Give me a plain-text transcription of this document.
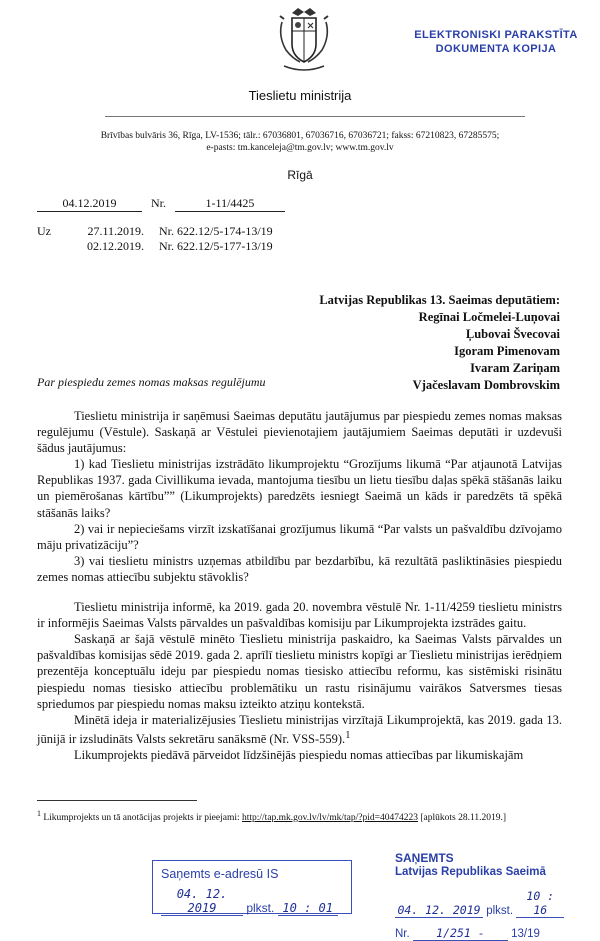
Tieslietu ministrija
Brīvības bulvāris 36, Rīga, LV-1536; tālr.: 67036801, 67036716, 67036721; fakss: 67210823, 67285575;
e-pasts: tm.kanceleja@tm.gov.lv; www.tm.gov.lv
ELEKTRONISKI PARAKSTĪTA
DOKUMENTA KOPIJA
Rīgā
04.12.2019	Nr.	1-11/4425
Uz	27.11.2019. Nr. 622.12/5-174-13/19
02.12.2019. Nr. 622.12/5-177-13/19
Latvijas Republikas 13. Saeimas deputātiem:
Regīnai Ločmelei-Luņovai
Ļubovai Švecovai
Igoram Pimenovam
Ivaram Zariņam
Vjačeslavam Dombrovskim
Par piespiedu zemes nomas maksas regulējumu

Tieslietu ministrija ir saņēmusi Saeimas deputātu jautājumus par piespiedu zemes nomas maksas regulējumu (Vēstule). Saskaņā ar Vēstulei pievienotajiem jautājumiem Saeimas deputāti ir uzdevuši šādus jautājumus:

1) kad Tieslietu ministrijas izstrādāto likumprojektu “Grozījums likumā “Par atjaunotā Latvijas Republikas 1937. gada Civillikuma ievada, mantojuma tiesību un lietu tiesību daļas spēkā stāšanās laiku un piemērošanas kārtību”” (Likumprojekts) paredzēts iesniegt Saeimā un kāds ir paredzēts tā spēkā stāšanās laiks?

2) vai ir nepieciešams virzīt izskatīšanai grozījumus likumā “Par valsts un pašvaldību dzīvojamo māju privatizāciju”?

3) vai tieslietu ministrs uzņemas atbildību par bezdarbību, kā rezultātā pasliktināsies piespiedu zemes nomas attiecību subjektu stāvoklis?

Tieslietu ministrija informē, ka 2019. gada 20. novembra vēstulē Nr. 1-11/4259 tieslietu ministrs ir informējis Saeimas Valsts pārvaldes un pašvaldības komisiju par Likumprojekta izstrādes gaitu.

Saskaņā ar šajā vēstulē minēto Tieslietu ministrija paskaidro, ka Saeimas Valsts pārvaldes un pašvaldības komisijas sēdē 2019. gada 2. aprīlī tieslietu ministrs kopīgi ar Tieslietu ministrijas ierēdņiem prezentēja konceptuālu ideju par piespiedu nomas tiesisko attiecību reformu, kas sistēmiski risinātu piespiedu nomas tiesisko attiecību problemātiku un rastu risinājumu vairākos Satversmes tiesas spriedumos par piespiedu nomas maksu izteikto atziņu kontekstā.

Minētā ideja ir materializējusies Tieslietu ministrijas virzītajā Likumprojektā, kas 2019. gada 13. jūnijā ir izsludināts Valsts sekretāru sanāksmē (Nr. VSS-559).$^1$

Likumprojekts piedāvā pārveidot līdzšinējās piespiedu nomas attiecības par likumiskajām

$^1$ Likumprojekts un tā anotācijas projekts ir pieejami: http://tap.mk.gov.lv/lv/mk/tap/?pid=40474223 [aplūkots 28.11.2019.]
Saņemts e-adresū IS
04. 12. 2019 plkst. 10 : 01
SAŅEMTS
Latvijas Republikas Saeimā
04. 12. 2019 plkst. 10 : 16
Nr. 1/251 - 13/19
